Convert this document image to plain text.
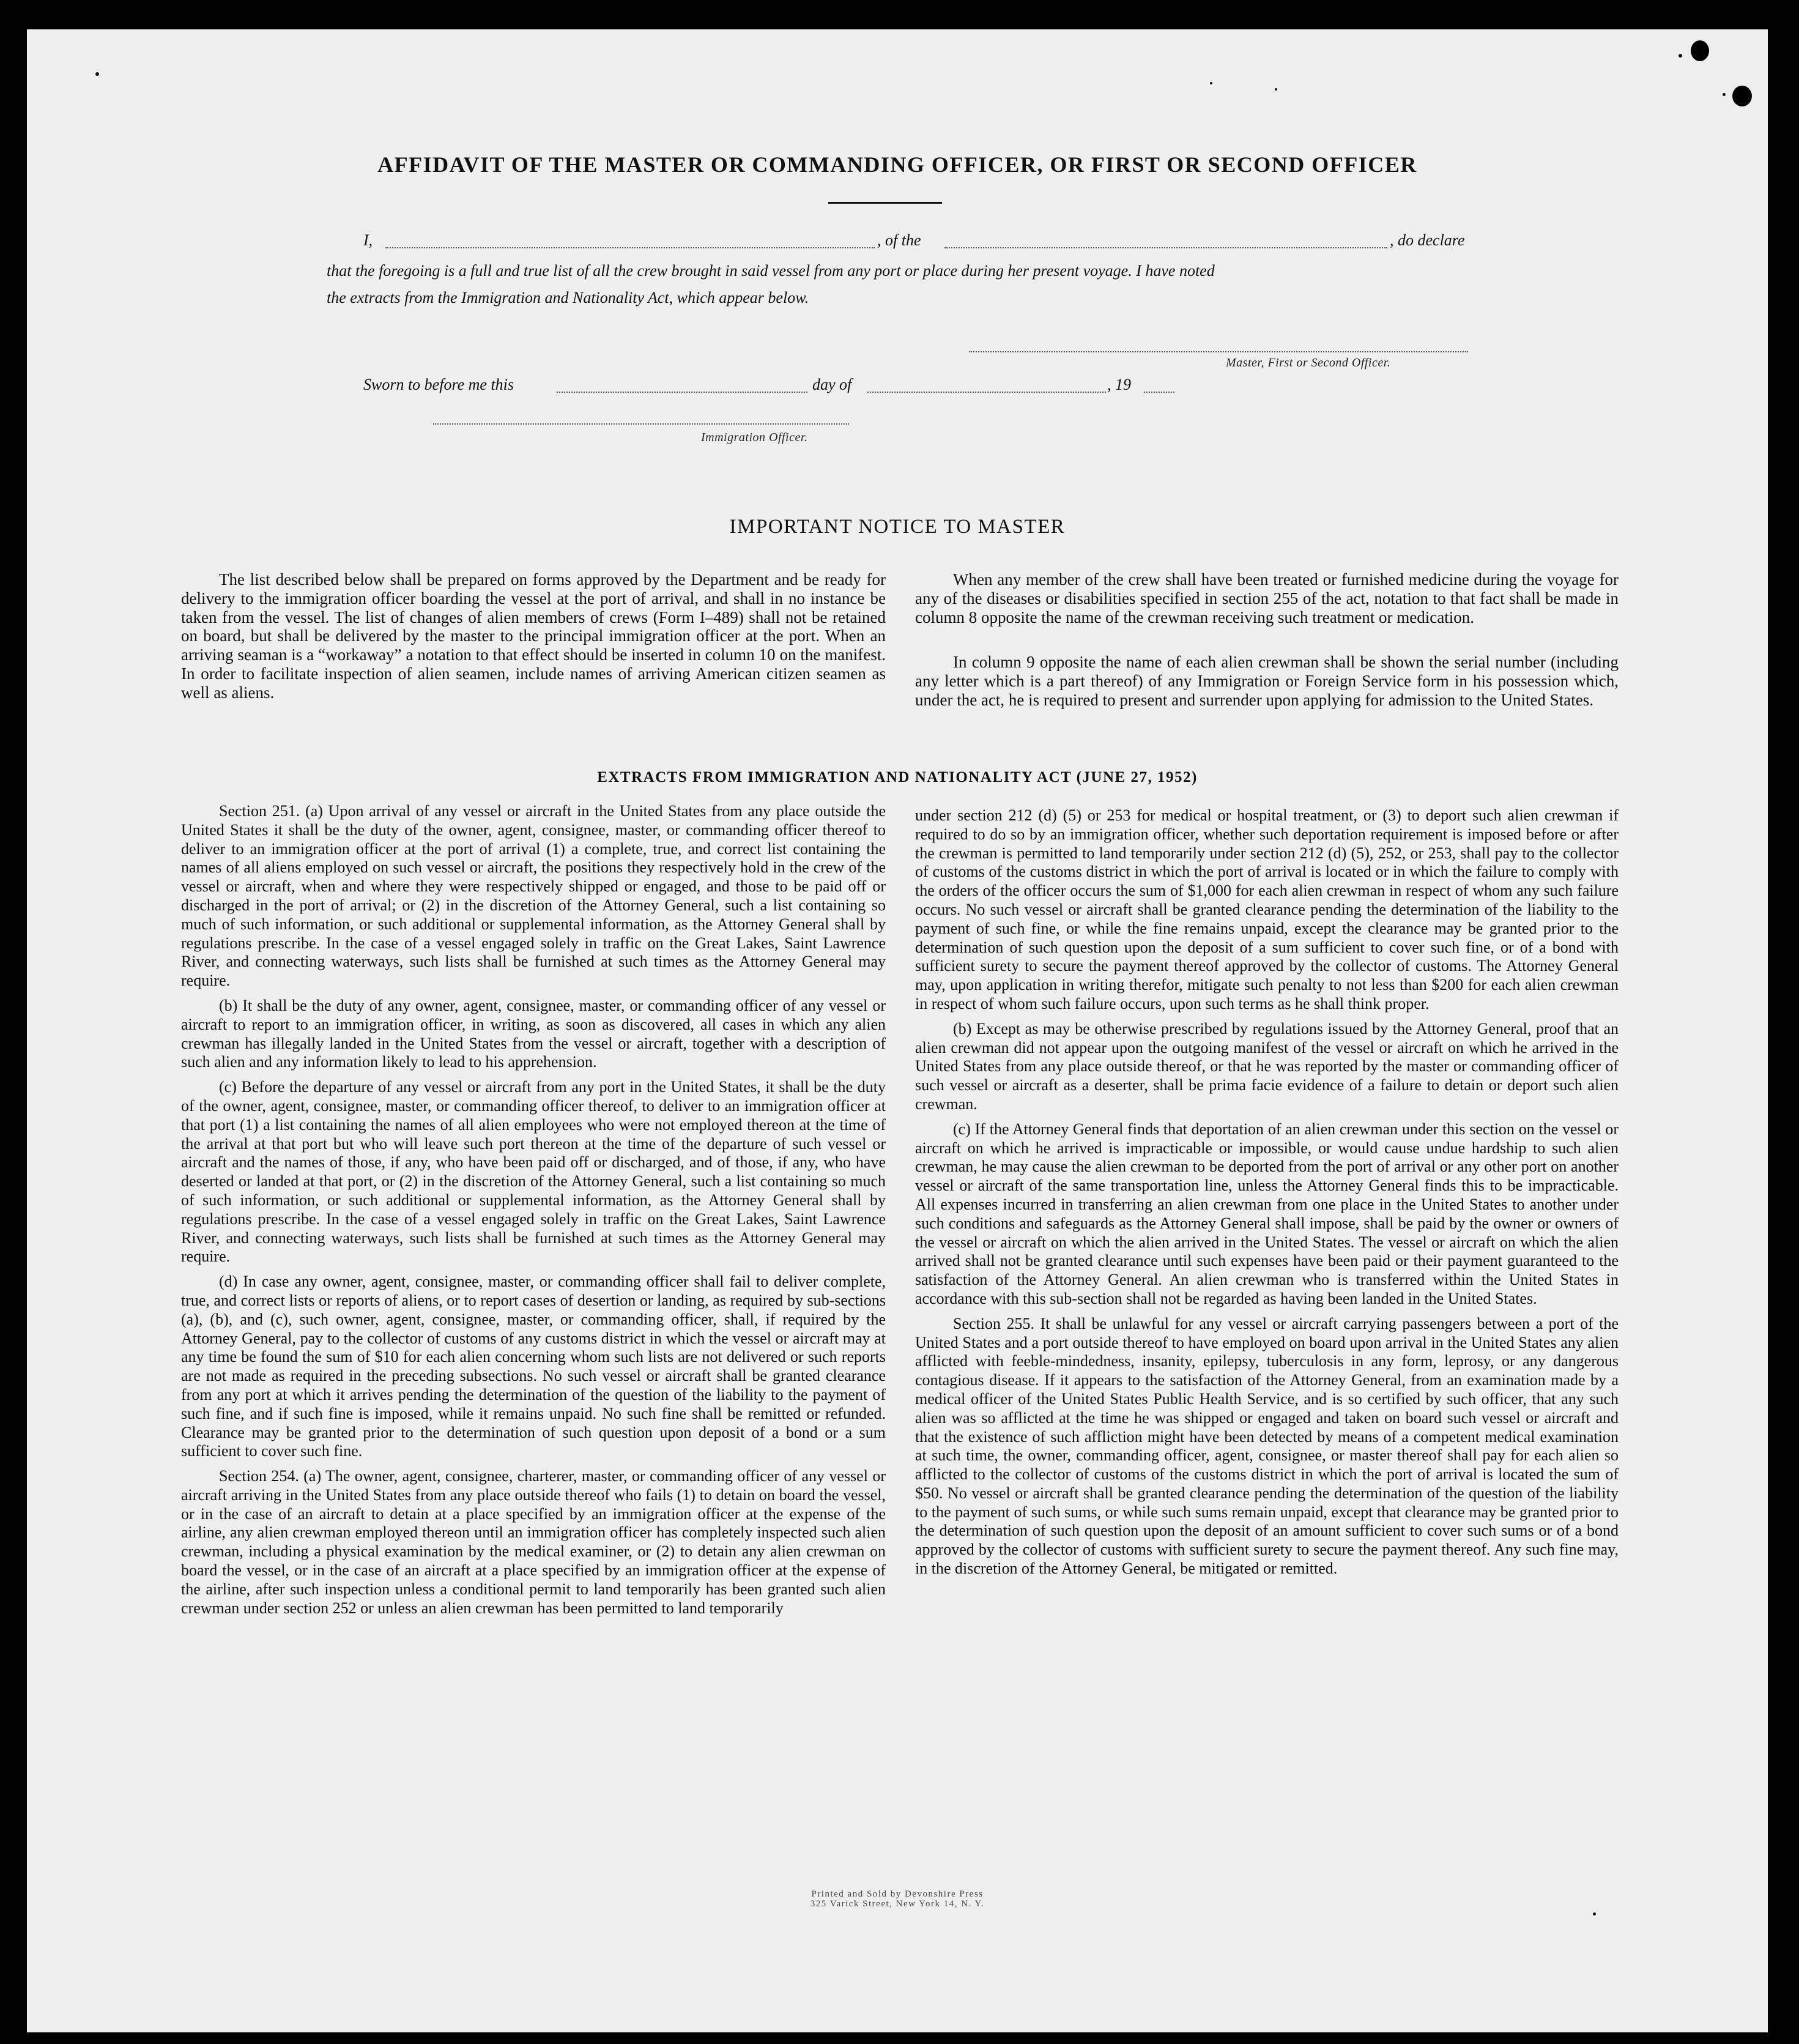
AFFIDAVIT OF THE MASTER OR COMMANDING OFFICER, OR FIRST OR SECOND OFFICER
I,	, of the	, do declare
that the foregoing is a full and true list of all the crew brought in said vessel from any port or place during her present voyage. I have noted
the extracts from the Immigration and Nationality Act, which appear below.
Master, First or Second Officer.
Sworn to before me this	day of	, 19
Immigration Officer.
IMPORTANT NOTICE TO MASTER

The list described below shall be prepared on forms approved by the Department and be ready for delivery to the immigration officer boarding the vessel at the port of arrival, and shall in no instance be taken from the vessel. The list of changes of alien members of crews (Form I–489) shall not be retained on board, but shall be delivered by the master to the principal immigration officer at the port. When an arriving seaman is a “workaway” a notation to that effect should be inserted in column 10 on the manifest. In order to facilitate inspection of alien seamen, include names of arriving American citizen seamen as well as aliens.

When any member of the crew shall have been treated or furnished medicine during the voyage for any of the diseases or disabilities specified in section 255 of the act, notation to that fact shall be made in column 8 opposite the name of the crewman receiving such treatment or medication.

In column 9 opposite the name of each alien crewman shall be shown the serial number (including any letter which is a part thereof) of any Immigration or Foreign Service form in his possession which, under the act, he is required to present and surrender upon applying for admission to the United States.

EXTRACTS FROM IMMIGRATION AND NATIONALITY ACT (JUNE 27, 1952)

Section 251. (a) Upon arrival of any vessel or aircraft in the United States from any place outside the United States it shall be the duty of the owner, agent, consignee, master, or commanding officer thereof to deliver to an immigration officer at the port of arrival (1) a complete, true, and correct list containing the names of all aliens employed on such vessel or aircraft, the positions they respectively hold in the crew of the vessel or aircraft, when and where they were respectively shipped or engaged, and those to be paid off or discharged in the port of arrival; or (2) in the discretion of the Attorney General, such a list containing so much of such information, or such additional or supplemental information, as the Attorney General shall by regulations prescribe. In the case of a vessel engaged solely in traffic on the Great Lakes, Saint Lawrence River, and connecting waterways, such lists shall be furnished at such times as the Attorney General may require.

(b) It shall be the duty of any owner, agent, consignee, master, or commanding officer of any vessel or aircraft to report to an immigration officer, in writing, as soon as discovered, all cases in which any alien crewman has illegally landed in the United States from the vessel or aircraft, together with a description of such alien and any information likely to lead to his apprehension.

(c) Before the departure of any vessel or aircraft from any port in the United States, it shall be the duty of the owner, agent, consignee, master, or commanding officer thereof, to deliver to an immigration officer at that port (1) a list containing the names of all alien employees who were not employed thereon at the time of the arrival at that port but who will leave such port thereon at the time of the departure of such vessel or aircraft and the names of those, if any, who have been paid off or discharged, and of those, if any, who have deserted or landed at that port, or (2) in the discretion of the Attorney General, such a list containing so much of such information, or such additional or supplemental information, as the Attorney General shall by regulations prescribe. In the case of a vessel engaged solely in traffic on the Great Lakes, Saint Lawrence River, and connecting waterways, such lists shall be furnished at such times as the Attorney General may require.

(d) In case any owner, agent, consignee, master, or commanding officer shall fail to deliver complete, true, and correct lists or reports of aliens, or to report cases of desertion or landing, as required by sub-sections (a), (b), and (c), such owner, agent, consignee, master, or commanding officer, shall, if required by the Attorney General, pay to the collector of customs of any customs district in which the vessel or aircraft may at any time be found the sum of $10 for each alien concerning whom such lists are not delivered or such reports are not made as required in the preceding subsections. No such vessel or aircraft shall be granted clearance from any port at which it arrives pending the determination of the question of the liability to the payment of such fine, and if such fine is imposed, while it remains unpaid. No such fine shall be remitted or refunded. Clearance may be granted prior to the determination of such question upon deposit of a bond or a sum sufficient to cover such fine.

Section 254. (a) The owner, agent, consignee, charterer, master, or commanding officer of any vessel or aircraft arriving in the United States from any place outside thereof who fails (1) to detain on board the vessel, or in the case of an aircraft to detain at a place specified by an immigration officer at the expense of the airline, any alien crewman employed thereon until an immigration officer has completely inspected such alien crewman, including a physical examination by the medical examiner, or (2) to detain any alien crewman on board the vessel, or in the case of an aircraft at a place specified by an immigration officer at the expense of the airline, after such inspection unless a conditional permit to land temporarily has been granted such alien crewman under section 252 or unless an alien crewman has been permitted to land temporarily

under section 212 (d) (5) or 253 for medical or hospital treatment, or (3) to deport such alien crewman if required to do so by an immigration officer, whether such deportation requirement is imposed before or after the crewman is permitted to land temporarily under section 212 (d) (5), 252, or 253, shall pay to the collector of customs of the customs district in which the port of arrival is located or in which the failure to comply with the orders of the officer occurs the sum of $1,000 for each alien crewman in respect of whom any such failure occurs. No such vessel or aircraft shall be granted clearance pending the determination of the liability to the payment of such fine, or while the fine remains unpaid, except the clearance may be granted prior to the determination of such question upon the deposit of a sum sufficient to cover such fine, or of a bond with sufficient surety to secure the payment thereof approved by the collector of customs. The Attorney General may, upon application in writing therefor, mitigate such penalty to not less than $200 for each alien crewman in respect of whom such failure occurs, upon such terms as he shall think proper.

(b) Except as may be otherwise prescribed by regulations issued by the Attorney General, proof that an alien crewman did not appear upon the outgoing manifest of the vessel or aircraft on which he arrived in the United States from any place outside thereof, or that he was reported by the master or commanding officer of such vessel or aircraft as a deserter, shall be prima facie evidence of a failure to detain or deport such alien crewman.

(c) If the Attorney General finds that deportation of an alien crewman under this section on the vessel or aircraft on which he arrived is impracticable or impossible, or would cause undue hardship to such alien crewman, he may cause the alien crewman to be deported from the port of arrival or any other port on another vessel or aircraft of the same transportation line, unless the Attorney General finds this to be impracticable. All expenses incurred in transferring an alien crewman from one place in the United States to another under such conditions and safeguards as the Attorney General shall impose, shall be paid by the owner or owners of the vessel or aircraft on which the alien arrived in the United States. The vessel or aircraft on which the alien arrived shall not be granted clearance until such expenses have been paid or their payment guaranteed to the satisfaction of the Attorney General. An alien crewman who is transferred within the United States in accordance with this sub-section shall not be regarded as having been landed in the United States.

Section 255. It shall be unlawful for any vessel or aircraft carrying passengers between a port of the United States and a port outside thereof to have employed on board upon arrival in the United States any alien afflicted with feeble-mindedness, insanity, epilepsy, tuberculosis in any form, leprosy, or any dangerous contagious disease. If it appears to the satisfaction of the Attorney General, from an examination made by a medical officer of the United States Public Health Service, and is so certified by such officer, that any such alien was so afflicted at the time he was shipped or engaged and taken on board such vessel or aircraft and that the existence of such affliction might have been detected by means of a competent medical examination at such time, the owner, commanding officer, agent, consignee, or master thereof shall pay for each alien so afflicted to the collector of customs of the customs district in which the port of arrival is located the sum of $50. No vessel or aircraft shall be granted clearance pending the determination of the question of the liability to the payment of such sums, or while such sums remain unpaid, except that clearance may be granted prior to the determination of such question upon the deposit of an amount sufficient to cover such sums or of a bond approved by the collector of customs with sufficient surety to secure the payment thereof. Any such fine may, in the discretion of the Attorney General, be mitigated or remitted.

Printed and Sold by Devonshire Press
325 Varick Street, New York 14, N. Y.
